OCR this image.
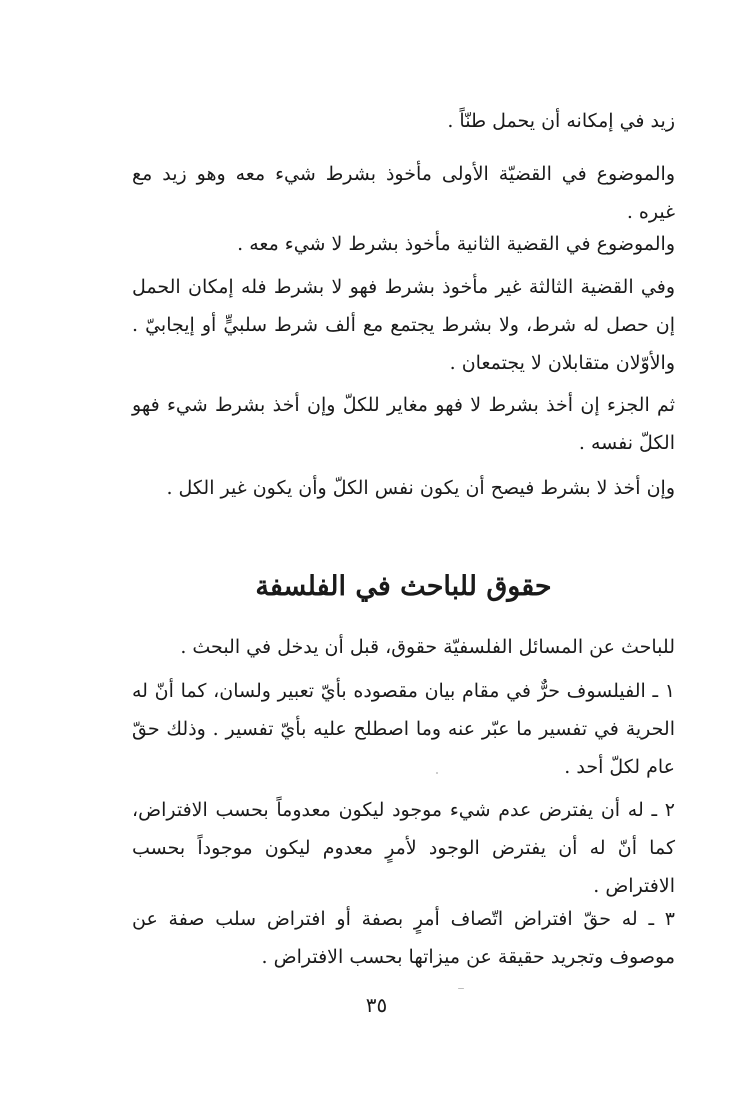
زيد في إمكانه أن يحمل طنّاً .
والموضوع في القضيّة الأولى مأخوذ بشرط شيء معه وهو زيد مع غيره .
والموضوع في القضية الثانية مأخوذ بشرط لا شيء معه .
وفي القضية الثالثة غير مأخوذ بشرط فهو لا بشرط فله إمكان الحمل إن حصل له شرط، ولا بشرط يجتمع مع ألف شرط سلبيٍّ أو إيجابيّ . والأوّلان متقابلان لا يجتمعان .
ثم الجزء إن أخذ بشرط لا فهو مغاير للكلّ وإن أخذ بشرط شيء فهو الكلّ نفسه .
وإن أخذ لا بشرط فيصح أن يكون نفس الكلّ وأن يكون غير الكل .
حقوق للباحث في الفلسفة
للباحث عن المسائل الفلسفيّة حقوق، قبل أن يدخل في البحث .
١ ـ الفيلسوف حرٌّ في مقام بيان مقصوده بأيّ تعبير ولسان، كما أنّ له الحرية في تفسير ما عبّر عنه وما اصطلح عليه بأيّ تفسير . وذلك حقّ عام لكلّ أحد .
٢ ـ له أن يفترض عدم شيء موجود ليكون معدوماً بحسب الافتراض، كما أنّ له أن يفترض الوجود لأمرٍ معدوم ليكون موجوداً بحسب الافتراض .
٣ ـ له حقّ افتراض اتّصاف أمرٍ بصفة أو افتراض سلب صفة عن موصوف وتجريد حقيقة عن ميزاتها بحسب الافتراض .
٣٥
